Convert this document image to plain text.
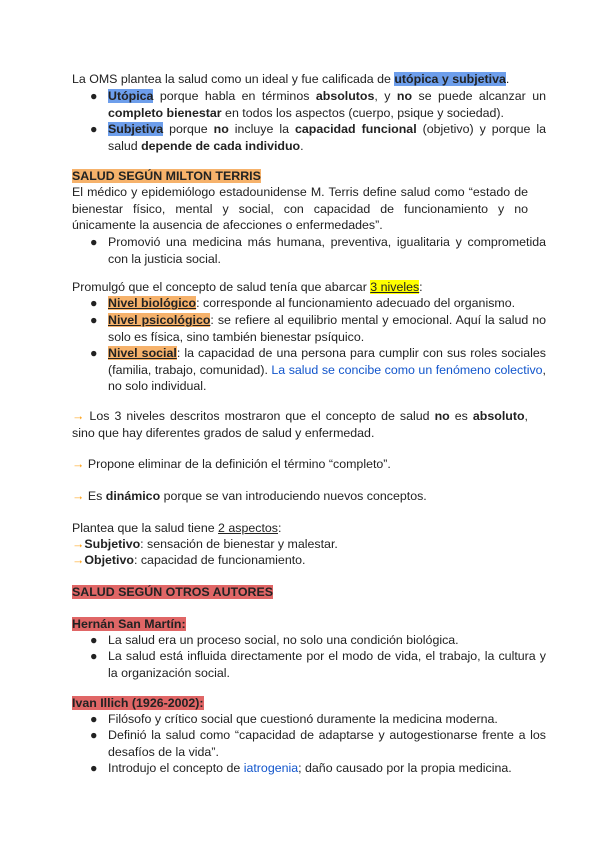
La OMS plantea la salud como un ideal y fue calificada de utópica y subjetiva.

● Utópica porque habla en términos absolutos, y no se puede alcanzar un completo bienestar en todos los aspectos (cuerpo, psique y sociedad).

● Subjetiva porque no incluye la capacidad funcional (objetivo) y porque la salud depende de cada individuo.

SALUD SEGÚN MILTON TERRIS

El médico y epidemiólogo estadounidense M. Terris define salud como “estado de bienestar físico, mental y social, con capacidad de funcionamiento y no únicamente la ausencia de afecciones o enfermedades”.

● Promovió una medicina más humana, preventiva, igualitaria y comprometida con la justicia social.

Promulgó que el concepto de salud tenía que abarcar 3 niveles:

● Nivel biológico: corresponde al funcionamiento adecuado del organismo.

● Nivel psicológico: se refiere al equilibrio mental y emocional. Aquí la salud no solo es física, sino también bienestar psíquico.

● Nivel social: la capacidad de una persona para cumplir con sus roles sociales (familia, trabajo, comunidad). La salud se concibe como un fenómeno colectivo, no solo individual.

→ Los 3 niveles descritos mostraron que el concepto de salud no es absoluto, sino que hay diferentes grados de salud y enfermedad.

→ Propone eliminar de la definición el término “completo”.

→ Es dinámico porque se van introduciendo nuevos conceptos.

Plantea que la salud tiene 2 aspectos:

→Subjetivo: sensación de bienestar y malestar.

→Objetivo: capacidad de funcionamiento.

SALUD SEGÚN OTROS AUTORES

Hernán San Martín:

● La salud era un proceso social, no solo una condición biológica.

● La salud está influida directamente por el modo de vida, el trabajo, la cultura y la organización social.

Ivan Illich (1926-2002):

● Filósofo y crítico social que cuestionó duramente la medicina moderna.

● Definió la salud como “capacidad de adaptarse y autogestionarse frente a los desafíos de la vida”.

● Introdujo el concepto de iatrogenia; daño causado por la propia medicina.
